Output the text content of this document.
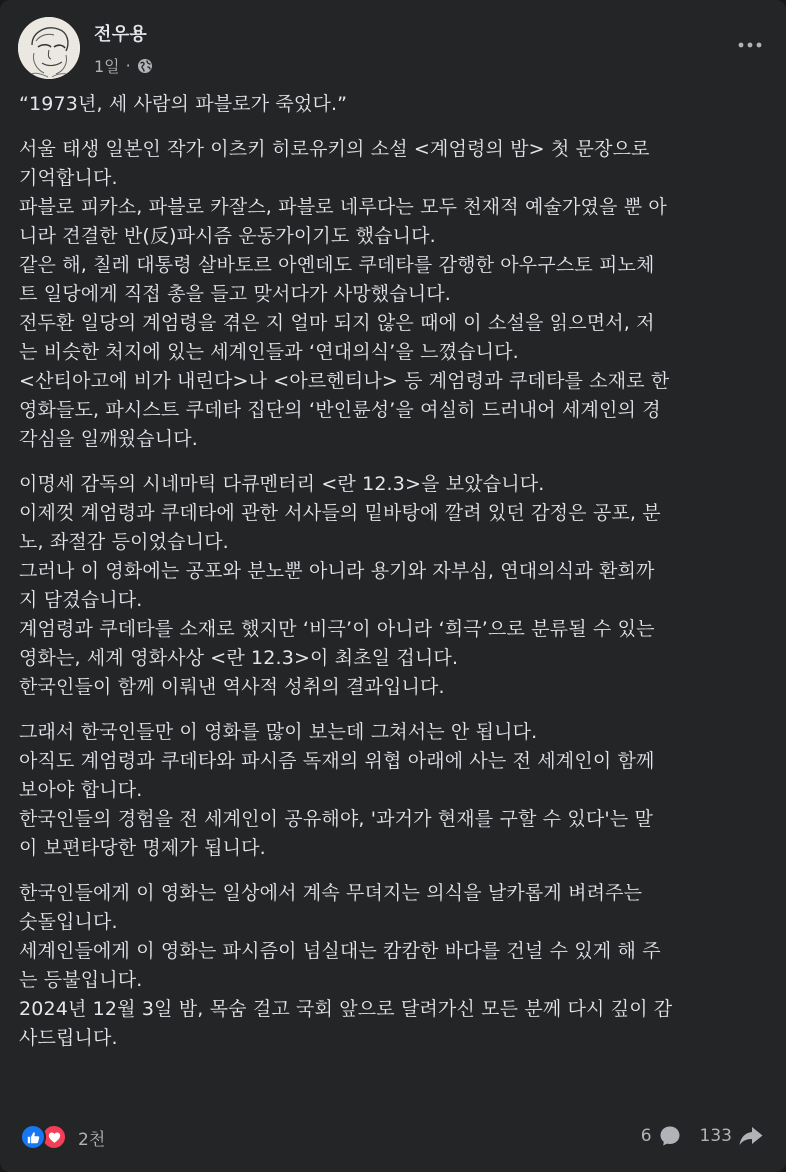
전우용
1일 ·
“1973년, 세 사람의 파블로가 죽었다.”
서울 태생 일본인 작가 이츠키 히로유키의 소설 <계엄령의 밤> 첫 문장으로
기억합니다.
파블로 피카소, 파블로 카잘스, 파블로 네루다는 모두 천재적 예술가였을 뿐 아
니라 견결한 반(反)파시즘 운동가이기도 했습니다.
같은 해, 칠레 대통령 살바토르 아옌데도 쿠데타를 감행한 아우구스토 피노체
트 일당에게 직접 총을 들고 맞서다가 사망했습니다.
전두환 일당의 계엄령을 겪은 지 얼마 되지 않은 때에 이 소설을 읽으면서, 저
는 비슷한 처지에 있는 세계인들과 ‘연대의식’을 느꼈습니다.
<산티아고에 비가 내린다>나 <아르헨티나> 등 계엄령과 쿠데타를 소재로 한
영화들도, 파시스트 쿠데타 집단의 ‘반인륜성’을 여실히 드러내어 세계인의 경
각심을 일깨웠습니다.
이명세 감독의 시네마틱 다큐멘터리 <란 12.3>을 보았습니다.
이제껏 계엄령과 쿠데타에 관한 서사들의 밑바탕에 깔려 있던 감정은 공포, 분
노, 좌절감 등이었습니다.
그러나 이 영화에는 공포와 분노뿐 아니라 용기와 자부심, 연대의식과 환희까
지 담겼습니다.
계엄령과 쿠데타를 소재로 했지만 ‘비극’이 아니라 ‘희극’으로 분류될 수 있는
영화는, 세계 영화사상 <란 12.3>이 최초일 겁니다.
한국인들이 함께 이뤄낸 역사적 성취의 결과입니다.
그래서 한국인들만 이 영화를 많이 보는데 그쳐서는 안 됩니다.
아직도 계엄령과 쿠데타와 파시즘 독재의 위협 아래에 사는 전 세계인이 함께
보아야 합니다.
한국인들의 경험을 전 세계인이 공유해야, '과거가 현재를 구할 수 있다'는 말
이 보편타당한 명제가 됩니다.
한국인들에게 이 영화는 일상에서 계속 무뎌지는 의식을 날카롭게 벼려주는
숫돌입니다.
세계인들에게 이 영화는 파시즘이 넘실대는 캄캄한 바다를 건널 수 있게 해 주
는 등불입니다.
2024년 12월 3일 밤, 목숨 걸고 국회 앞으로 달려가신 모든 분께 다시 깊이 감
사드립니다.
2천	6	133
